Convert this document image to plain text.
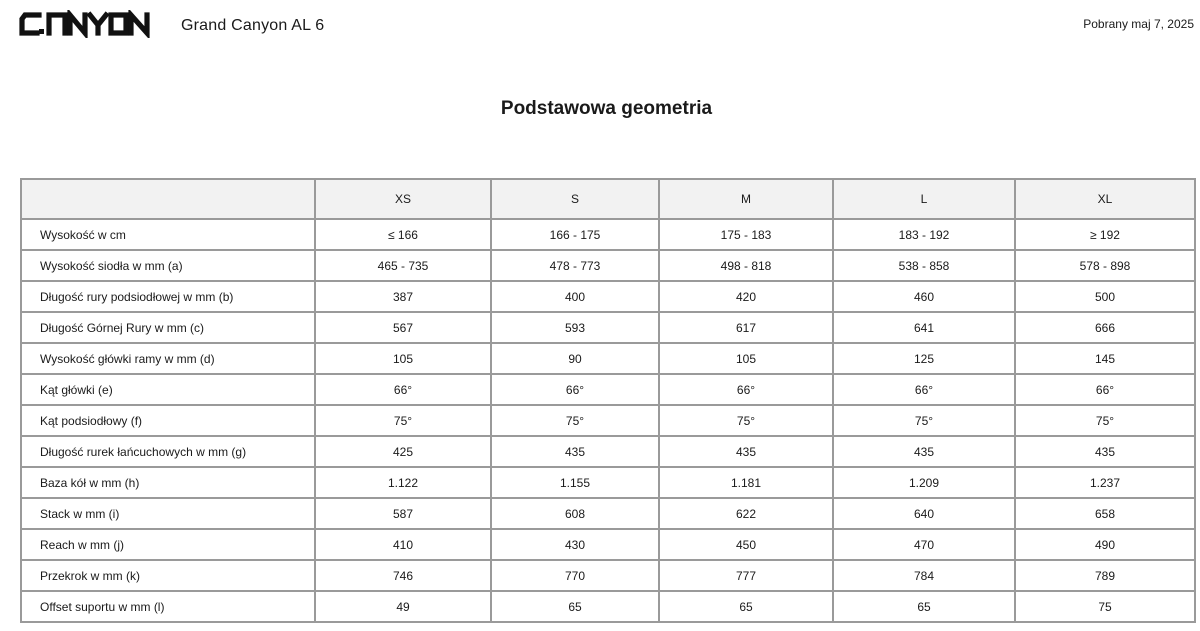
Grand Canyon AL 6	Pobrany maj 7, 2025
Podstawowa geometria
	XS	S	M	L	XL
Wysokość w cm	≤ 166	166 - 175	175 - 183	183 - 192	≥ 192
Wysokość siodła w mm (a)	465 - 735	478 - 773	498 - 818	538 - 858	578 - 898
Długość rury podsiodłowej w mm (b)	387	400	420	460	500
Długość Górnej Rury w mm (c)	567	593	617	641	666
Wysokość główki ramy w mm (d)	105	90	105	125	145
Kąt główki (e)	66°	66°	66°	66°	66°
Kąt podsiodłowy (f)	75°	75°	75°	75°	75°
Długość rurek łańcuchowych w mm (g)	425	435	435	435	435
Baza kół w mm (h)	1.122	1.155	1.181	1.209	1.237
Stack w mm (i)	587	608	622	640	658
Reach w mm (j)	410	430	450	470	490
Przekrok w mm (k)	746	770	777	784	789
Offset suportu w mm (l)	49	65	65	65	75
